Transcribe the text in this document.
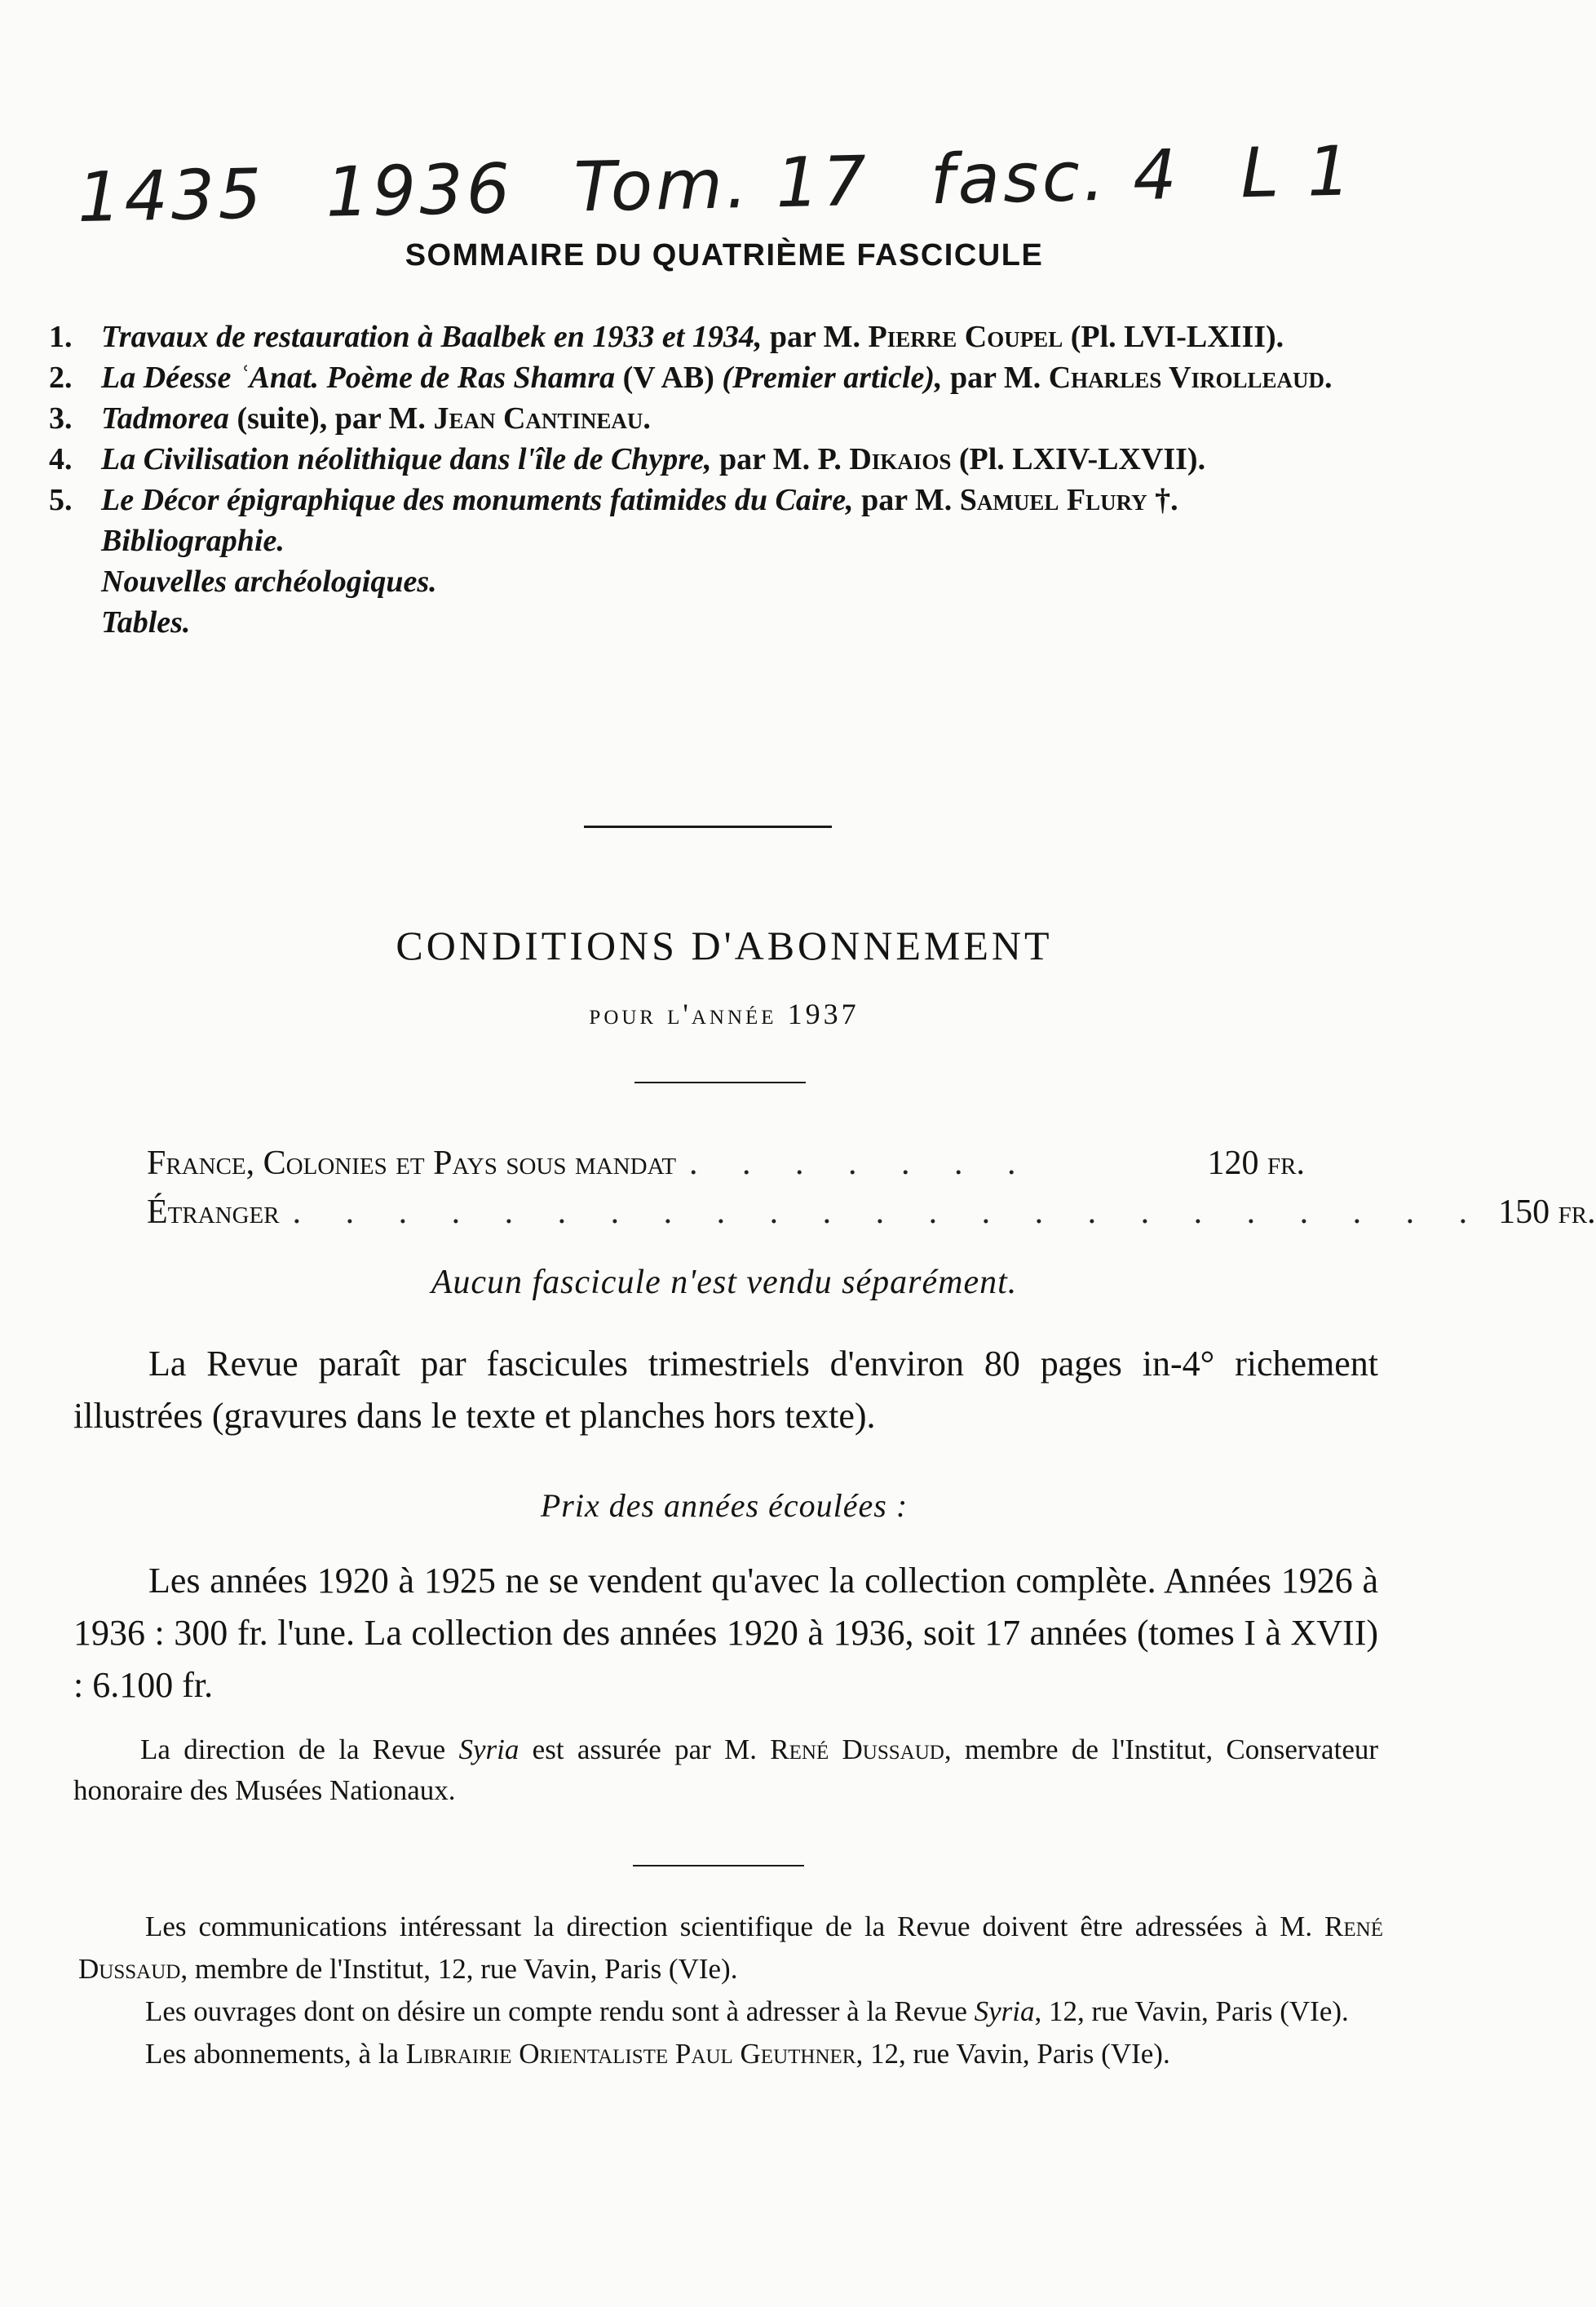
1435 1936 Tom. 17 fasc. 4 L 1
SOMMAIRE DU QUATRIÈME FASCICULE
1. Travaux de restauration à Baalbek en 1933 et 1934, par M. Pierre Coupel (Pl. LVI-LXIII).
2. La Déesse ʿAnat. Poème de Ras Shamra (V AB) (Premier article), par M. Charles Virolleaud.
3. Tadmorea (suite), par M. Jean Cantineau.
4. La Civilisation néolithique dans l'île de Chypre, par M. P. Dikaios (Pl. LXIV-LXVII).
5. Le Décor épigraphique des monuments fatimides du Caire, par M. Samuel Flury †.
Bibliographie.
Nouvelles archéologiques.
Tables.
CONDITIONS D'ABONNEMENT
pour l'année 1937
France, Colonies et Pays sous mandat . . . . . . .	120 fr.
Étranger . . . . . . . . . . . . . . . . . . . . . . . 150 fr.
Aucun fascicule n'est vendu séparément.
La Revue paraît par fascicules trimestriels d'environ 80 pages in-4° richement illustrées (gravures dans le texte et planches hors texte).
Prix des années écoulées :
Les années 1920 à 1925 ne se vendent qu'avec la collection complète. Années 1926 à 1936 : 300 fr. l'une. La collection des années 1920 à 1936, soit 17 années (tomes I à XVII) : 6.100 fr.
La direction de la Revue Syria est assurée par M. René Dussaud, membre de l'Institut, Conservateur honoraire des Musées Nationaux.

Les communications intéressant la direction scientifique de la Revue doivent être adressées à M. René Dussaud, membre de l'Institut, 12, rue Vavin, Paris (VIe).

Les ouvrages dont on désire un compte rendu sont à adresser à la Revue Syria, 12, rue Vavin, Paris (VIe).

Les abonnements, à la Librairie Orientaliste Paul Geuthner, 12, rue Vavin, Paris (VIe).
